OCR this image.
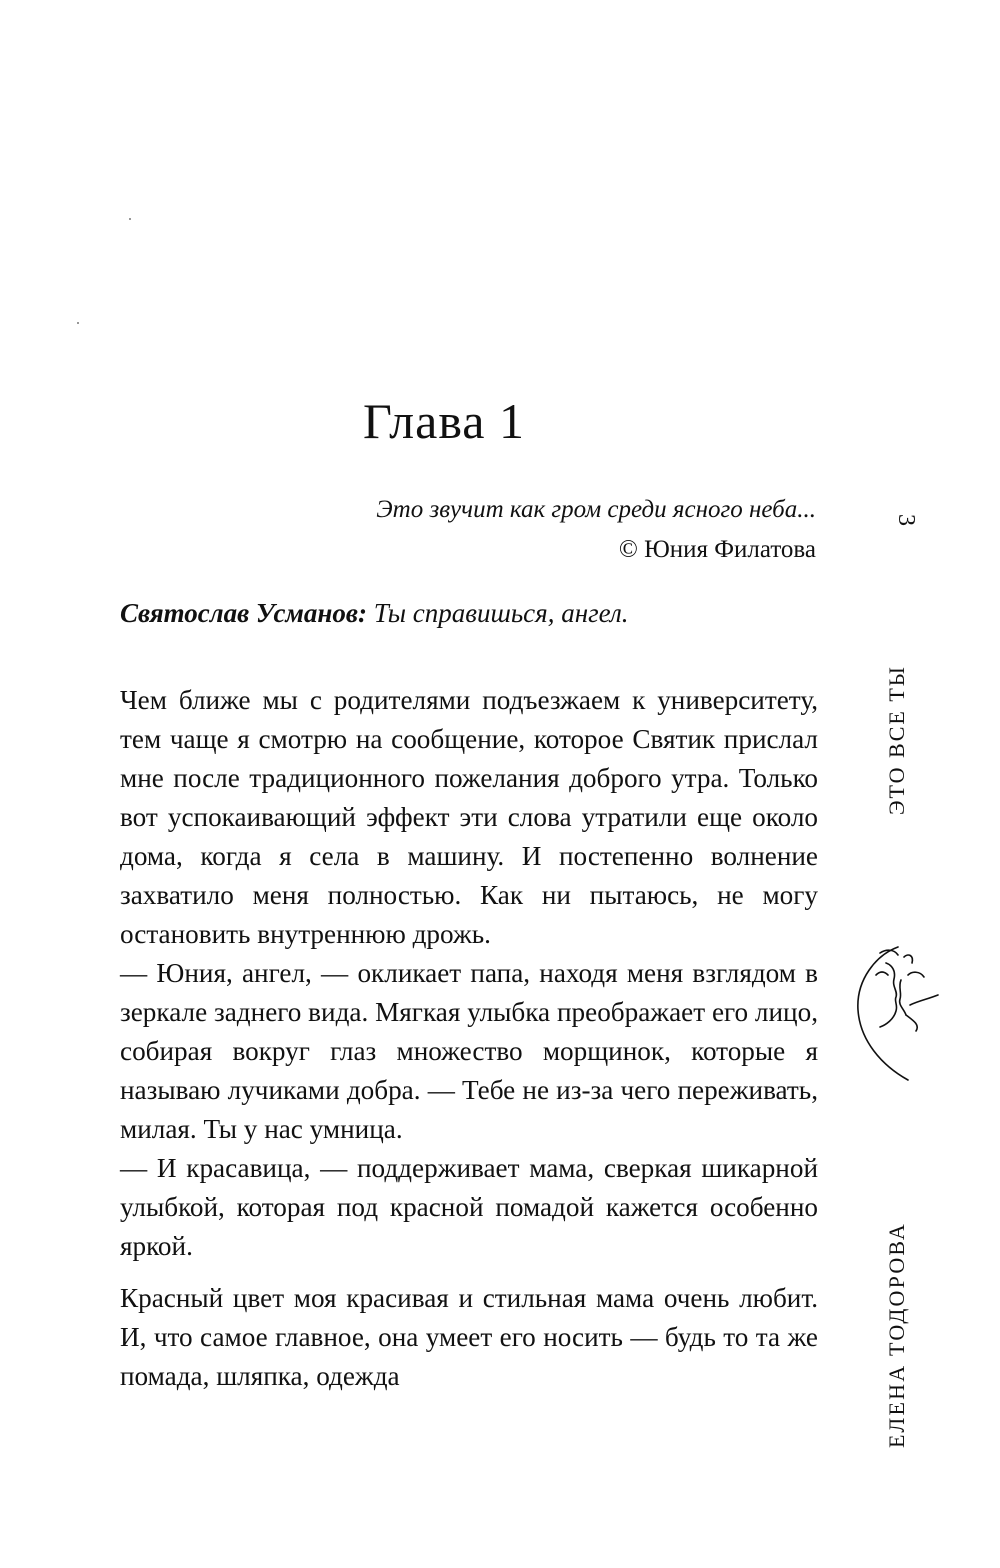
Глава 1
Это звучит как гром среди ясного неба...
© Юния Филатова
Святослав Усманов: Ты справишься, ангел.

Чем ближе мы с родителями подъезжаем к университету, тем чаще я смотрю на сообщение, которое Святик прислал мне после традиционного пожелания доброго утра. Только вот успокаивающий эффект эти слова утратили еще около дома, когда я села в машину. И постепенно волнение захватило меня полностью. Как ни пытаюсь, не могу остановить внутреннюю дрожь.

— Юния, ангел, — окликает папа, находя меня взглядом в зеркале заднего вида. Мягкая улыбка преображает его лицо, собирая вокруг глаз множество морщинок, которые я называю лучиками добра. — Тебе не из-за чего переживать, милая. Ты у нас умница.

— И красавица, — поддерживает мама, сверкая шикарной улыбкой, которая под красной помадой кажется особенно яркой.

Красный цвет моя красивая и стильная мама очень любит. И, что самое главное, она умеет его носить — будь то та же помада, шляпка, одежда

3
ЭТО ВСЕ ТЫ
ЕЛЕНА ТОДОРОВА
